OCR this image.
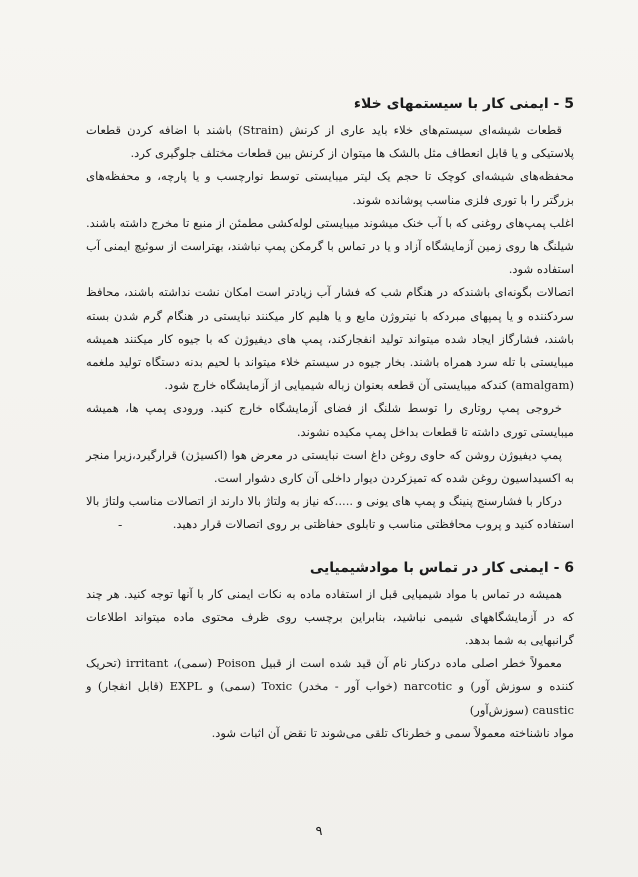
5 - ایمنی کار با سیستمهای خلاء

قطعات شیشه‌ای سیستم‌های خلاء باید عاری از کرنش (Strain) باشند با اضافه کردن قطعات پلاستیکی و یا قابل انعطاف مثل بالشک ها میتوان از کرنش بین قطعات مختلف جلوگیری کرد.

محفظه‌های شیشه‌ای کوچک تا حجم یک لیتر میبایستی توسط نوارچسب و یا پارچه، و محفظه‌های بزرگتر را با توری فلزی مناسب پوشانده شوند.

اغلب پمپ‌های روغنی که با آب خنک میشوند میبایستی لوله‌کشی مطمئن از منبع تا مخرج داشته باشند. شیلنگ ها روی زمین آزمایشگاه آزاد و یا در تماس با گرمکن پمپ نباشند، بهتراست از سوئیچ ایمنی آب استفاده شود.

اتصالات بگونه‌ای باشندکه در هنگام شب که فشار آب زیادتر است امکان نشت نداشته باشند، محافظ سردکننده و یا پمپهای مبردکه با نیتروژن مایع و یا هلیم کار میکنند نبایستی در هنگام گرم شدن بسته باشند، فشارگاز ایجاد شده میتواند تولید انفجارکند، پمپ های دیفیوژن که با جیوه کار میکنند همیشه میبایستی با تله سرد همراه باشند. بخار جیوه در سیستم خلاء میتواند با لحیم بدنه دستگاه تولید ملغمه (amalgam) کندکه میبایستی آن قطعه بعنوان زباله شیمیایی از آزمایشگاه خارج شود.

خروجی پمپ روتاری را توسط شلنگ از فضای آزمایشگاه خارج کنید. ورودی پمپ ها، همیشه میبایستی توری داشته تا قطعات بداخل پمپ مکیده نشوند.

پمپ دیفیوژن روشن که حاوی روغن داغ است نبایستی در معرض هوا (اکسیژن) قرارگیرد،زیرا منجر به اکسیداسیون روغن شده که تمیزکردن دیوار داخلی آن کاری دشوار است.

درکار با فشارسنج پنینگ و پمپ های یونی و .....که نیاز به ولتاژ بالا دارند از اتصالات مناسب ولتاژ بالا استفاده کنید و پروب محافظتی مناسب و تابلوی حفاظتی بر روی اتصالات قرار دهید.

6 - ایمنی کار در تماس با موادشیمیایی

همیشه در تماس با مواد شیمیایی قبل از استفاده ماده به نکات ایمنی کار با آنها توجه کنید. هر چند که در آزمایشگاههای شیمی نباشید، بنابراین برچسب روی ظرف محتوی ماده میتواند اطلاعات گرانبهایی به شما بدهد.

معمولاً خطر اصلی ماده درکنار نام آن قید شده است از قبیل Poison (سمی)، irritant (تحریک کننده و سوزش آور) و narcotic (خواب آور - مخدر) Toxic (سمی) و EXPL (قابل انفجار) و caustic (سوزش‌آور)

مواد ناشناخته معمولاً سمی و خطرناک تلقی می‌شوند تا نقض آن اثبات شود.

-
۹
